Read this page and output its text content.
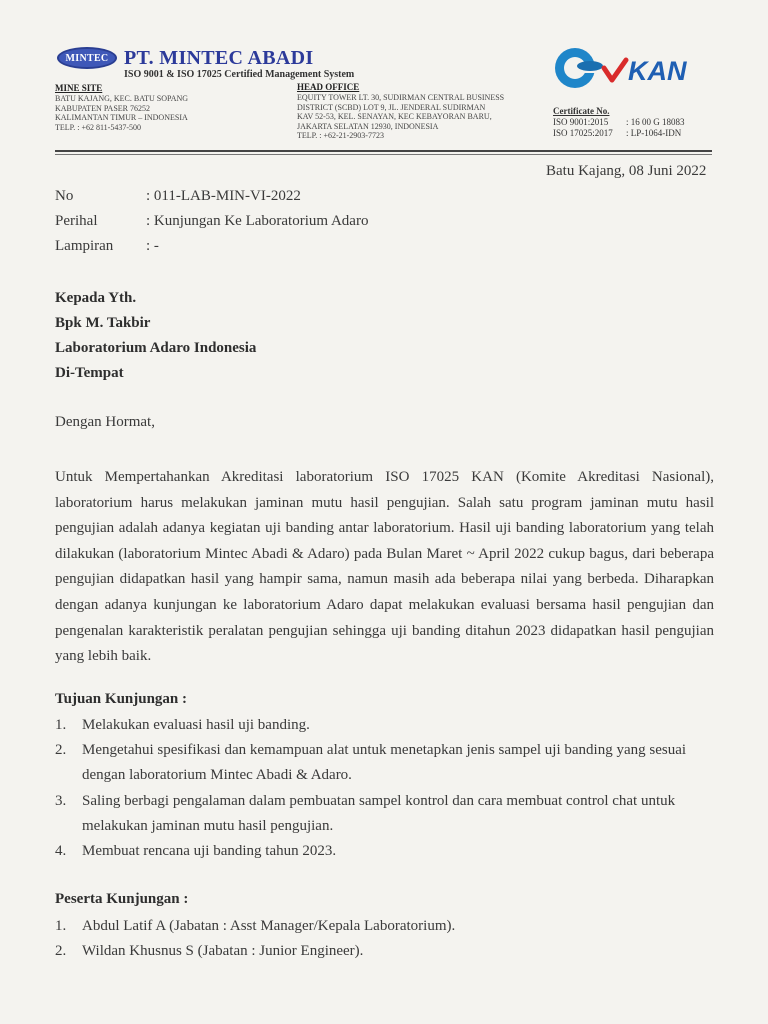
MINTEC PT. MINTEC ABADI
ISO 9001 & ISO 17025 Certified Management System
MINE SITE
BATU KAJANG, KEC. BATU SOPANG
KABUPATEN PASER 76252
KALIMANTAN TIMUR – INDONESIA
TELP. : +62 811-5437-500
HEAD OFFICE
EQUITY TOWER LT. 30, SUDIRMAN CENTRAL BUSINESS
DISTRICT (SCBD) LOT 9, JL. JENDERAL SUDIRMAN
KAV 52-53, KEL. SENAYAN, KEC KEBAYORAN BARU,
JAKARTA SELATAN 12930, INDONESIA
TELP. : +62-21-2903-7723
KAN
Certificate No.
ISO 9001:2015 : 16 00 G 18083
ISO 17025:2017 : LP-1064-IDN
Batu Kajang, 08 Juni 2022
No	: 011-LAB-MIN-VI-2022
Perihal	: Kunjungan Ke Laboratorium Adaro
Lampiran : -
Kepada Yth.
Bpk M. Takbir
Laboratorium Adaro Indonesia
Di-Tempat
Dengan Hormat,

Untuk Mempertahankan Akreditasi laboratorium ISO 17025 KAN (Komite Akreditasi Nasional), laboratorium harus melakukan jaminan mutu hasil pengujian. Salah satu program jaminan mutu hasil pengujian adalah adanya kegiatan uji banding antar laboratorium. Hasil uji banding laboratorium yang telah dilakukan (laboratorium Mintec Abadi & Adaro) pada Bulan Maret ~ April 2022 cukup bagus, dari beberapa pengujian didapatkan hasil yang hampir sama, namun masih ada beberapa nilai yang berbeda. Diharapkan dengan adanya kunjungan ke laboratorium Adaro dapat melakukan evaluasi bersama hasil pengujian dan pengenalan karakteristik peralatan pengujian sehingga uji banding ditahun 2023 didapatkan hasil pengujian yang lebih baik.

Tujuan Kunjungan :
1. Melakukan evaluasi hasil uji banding.
2. Mengetahui spesifikasi dan kemampuan alat untuk menetapkan jenis sampel uji banding yang sesuai dengan laboratorium Mintec Abadi & Adaro.
3. Saling berbagi pengalaman dalam pembuatan sampel kontrol dan cara membuat control chat untuk melakukan jaminan mutu hasil pengujian.
4. Membuat rencana uji banding tahun 2023.
Peserta Kunjungan :
1. Abdul Latif A (Jabatan : Asst Manager/Kepala Laboratorium).
2. Wildan Khusnus S (Jabatan : Junior Engineer).
